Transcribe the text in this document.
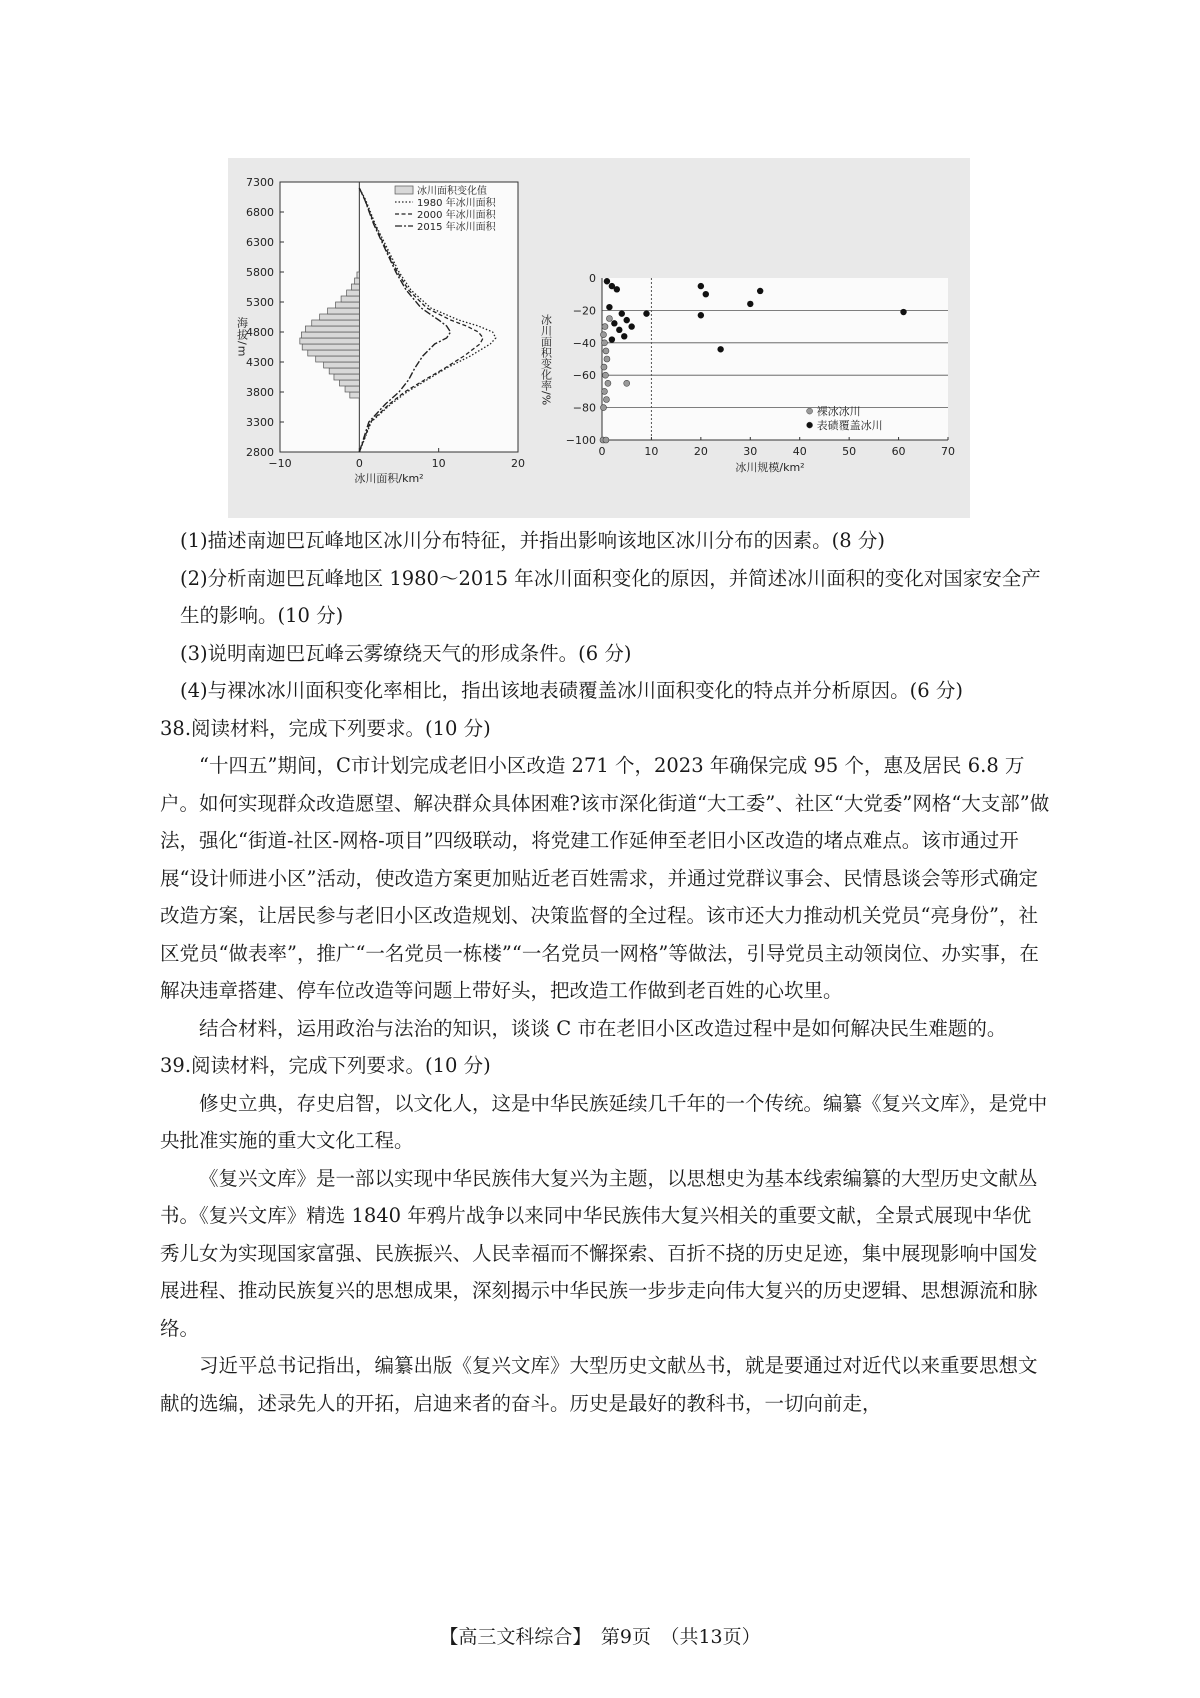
2800
3300
3800
4300
4800
5300
5800
6300
6800
7300
−10	0	10	20
冰川面积/km²
海拔/m
冰川面积变化值
1980 年冰川面积
2000 年冰川面积
2015 年冰川面积
0
−20
−40
−60
−80
−100
0	10	20	30	40	50	60	70
冰川规模/km²
冰川面积变化率/%
裸冰冰川
表碛覆盖冰川

(1)描述南迦巴瓦峰地区冰川分布特征，并指出影响该地区冰川分布的因素。(8 分)

(2)分析南迦巴瓦峰地区 1980～2015 年冰川面积变化的原因，并简述冰川面积的变化对国家安全产生的影响。(10 分)

(3)说明南迦巴瓦峰云雾缭绕天气的形成条件。(6 分)

(4)与裸冰冰川面积变化率相比，指出该地表碛覆盖冰川面积变化的特点并分析原因。(6 分)

38.阅读材料，完成下列要求。(10 分)

“十四五”期间，C市计划完成老旧小区改造 271 个，2023 年确保完成 95 个，惠及居民 6.8 万户。如何实现群众改造愿望、解决群众具体困难?该市深化街道“大工委”、社区“大党委”网格“大支部”做法，强化“街道-社区-网格-项目”四级联动，将党建工作延伸至老旧小区改造的堵点难点。该市通过开展“设计师进小区”活动，使改造方案更加贴近老百姓需求，并通过党群议事会、民情恳谈会等形式确定改造方案，让居民参与老旧小区改造规划、决策监督的全过程。该市还大力推动机关党员“亮身份”，社区党员“做表率”，推广“一名党员一栋楼”“一名党员一网格”等做法，引导党员主动领岗位、办实事，在解决违章搭建、停车位改造等问题上带好头，把改造工作做到老百姓的心坎里。

结合材料，运用政治与法治的知识，谈谈 C 市在老旧小区改造过程中是如何解决民生难题的。

39.阅读材料，完成下列要求。(10 分)

修史立典，存史启智，以文化人，这是中华民族延续几千年的一个传统。编纂《复兴文库》，是党中央批准实施的重大文化工程。

《复兴文库》是一部以实现中华民族伟大复兴为主题，以思想史为基本线索编纂的大型历史文献丛书。《复兴文库》精选 1840 年鸦片战争以来同中华民族伟大复兴相关的重要文献，全景式展现中华优秀儿女为实现国家富强、民族振兴、人民幸福而不懈探索、百折不挠的历史足迹，集中展现影响中国发展进程、推动民族复兴的思想成果，深刻揭示中华民族一步步走向伟大复兴的历史逻辑、思想源流和脉络。

习近平总书记指出，编纂出版《复兴文库》大型历史文献丛书，就是要通过对近代以来重要思想文献的选编，述录先人的开拓，启迪来者的奋斗。历史是最好的教科书，一切向前走，

【高三文科综合】　第9页　（共13页）
